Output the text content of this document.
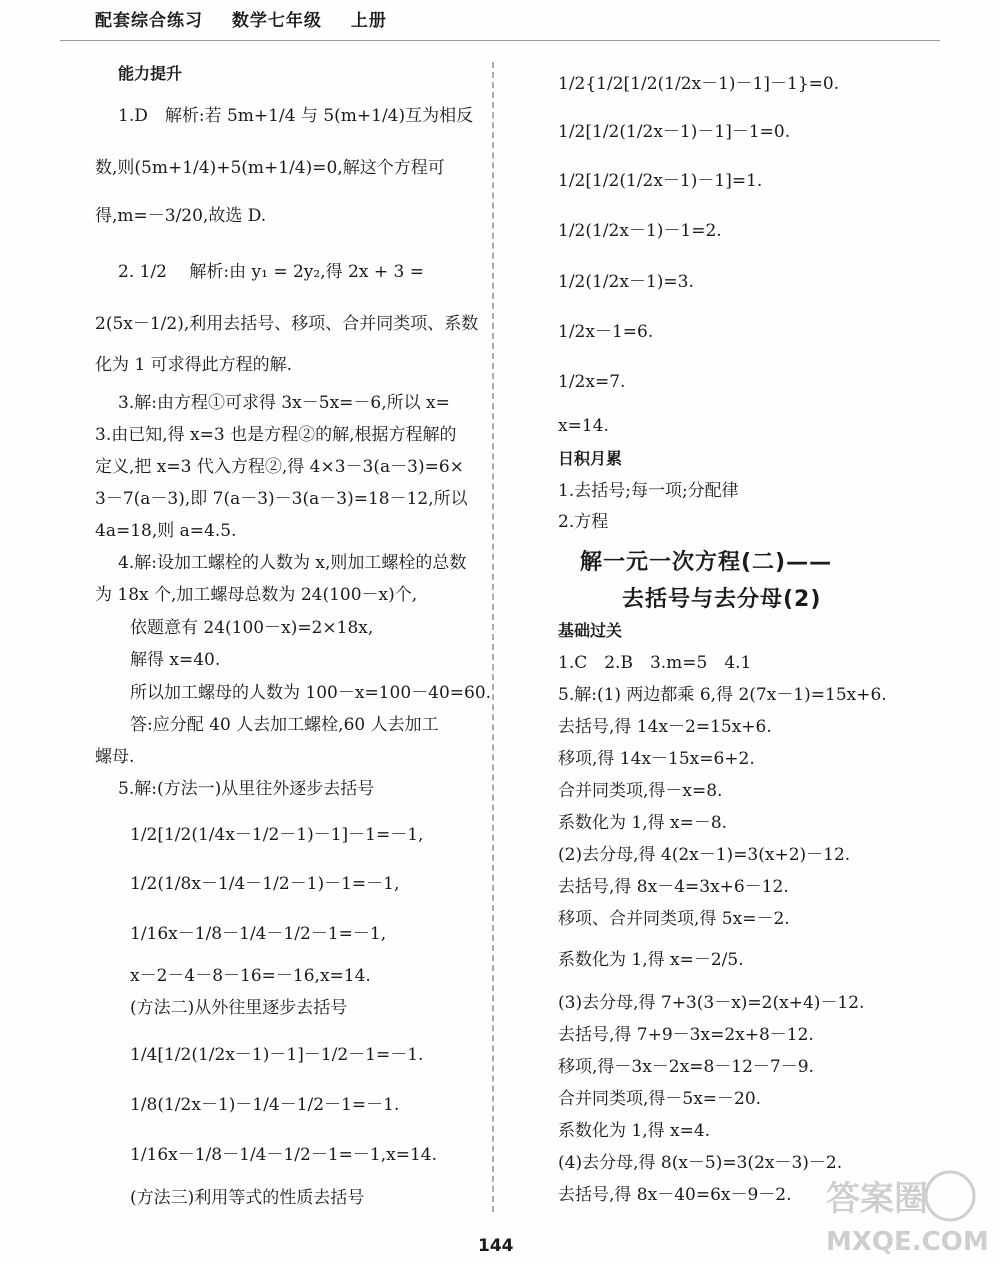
配套综合练习 数学七年级 上册
能力提升
1.D　解析:若 5m+1/4 与 5(m+1/4)互为相反
数,则(5m+1/4)+5(m+1/4)=0,解这个方程可
得,m=－3/20,故选 D.
2. 1/2　 解析:由 y₁ = 2y₂,得 2x + 3 =
2(5x－1/2),利用去括号、移项、合并同类项、系数
化为 1 可求得此方程的解.
3.解:由方程①可求得 3x－5x=－6,所以 x=
3.由已知,得 x=3 也是方程②的解,根据方程解的
定义,把 x=3 代入方程②,得 4×3－3(a－3)=6×
3－7(a－3),即 7(a－3)－3(a－3)=18－12,所以
4a=18,则 a=4.5.
4.解:设加工螺栓的人数为 x,则加工螺栓的总数
为 18x 个,加工螺母总数为 24(100－x)个,
依题意有 24(100－x)=2×18x,
解得 x=40.
所以加工螺母的人数为 100－x=100－40=60.
答:应分配 40 人去加工螺栓,60 人去加工
螺母.
5.解:(方法一)从里往外逐步去括号
1/2[1/2(1/4x－1/2－1)－1]－1=－1,
1/2(1/8x－1/4－1/2－1)－1=－1,
1/16x－1/8－1/4－1/2－1=－1,
x－2－4－8－16=－16,x=14.
(方法二)从外往里逐步去括号
1/4[1/2(1/2x－1)－1]－1/2－1=－1.
1/8(1/2x－1)－1/4－1/2－1=－1.
1/16x－1/8－1/4－1/2－1=－1,x=14.
(方法三)利用等式的性质去括号
1/2{1/2[1/2(1/2x－1)－1]－1}=0.
1/2[1/2(1/2x－1)－1]－1=0.
1/2[1/2(1/2x－1)－1]=1.
1/2(1/2x－1)－1=2.
1/2(1/2x－1)=3.
1/2x－1=6.
1/2x=7.
x=14.
日积月累
1.去括号;每一项;分配律
2.方程
解一元一次方程(二)——
去括号与去分母(2)
基础过关
1.C　2.B　3.m=5　4.1
5.解:(1) 两边都乘 6,得 2(7x－1)=15x+6.
去括号,得 14x－2=15x+6.
移项,得 14x－15x=6+2.
合并同类项,得－x=8.
系数化为 1,得 x=－8.
(2)去分母,得 4(2x－1)=3(x+2)－12.
去括号,得 8x－4=3x+6－12.
移项、合并同类项,得 5x=－2.
系数化为 1,得 x=－2/5.
(3)去分母,得 7+3(3－x)=2(x+4)－12.
去括号,得 7+9－3x=2x+8－12.
移项,得－3x－2x=8－12－7－9.
合并同类项,得－5x=－20.
系数化为 1,得 x=4.
(4)去分母,得 8(x－5)=3(2x－3)－2.
去括号,得 8x－40=6x－9－2.
144
答案圈
MXQE.COM
